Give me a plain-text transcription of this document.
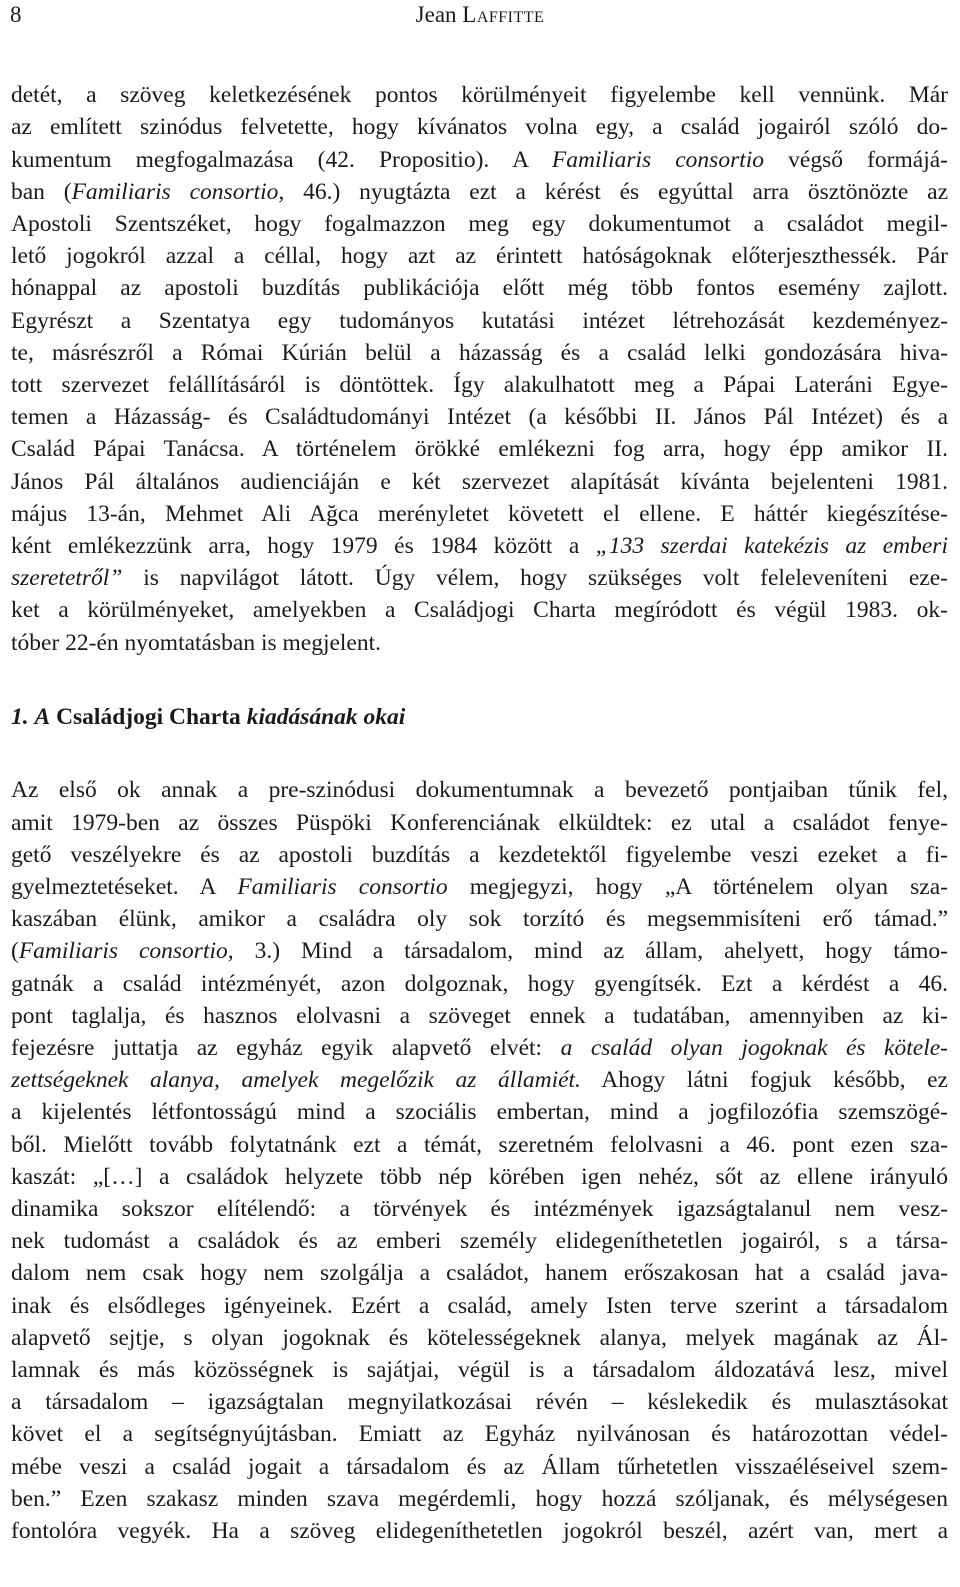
8	Jean Laffitte
detét, a szöveg keletkezésének pontos körülményeit figyelembe kell vennünk. Már
az említett szinódus felvetette, hogy kívánatos volna egy, a család jogairól szóló do-
kumentum megfogalmazása (42. Propositio). A Familiaris consortio végső formájá-
ban (Familiaris consortio, 46.) nyugtázta ezt a kérést és egyúttal arra ösztönözte az
Apostoli Szentszéket, hogy fogalmazzon meg egy dokumentumot a családot megil-
lető jogokról azzal a céllal, hogy azt az érintett hatóságoknak előterjeszthessék. Pár
hónappal az apostoli buzdítás publikációja előtt még több fontos esemény zajlott.
Egyrészt a Szentatya egy tudományos kutatási intézet létrehozását kezdeményez-
te, másrészről a Római Kúrián belül a házasság és a család lelki gondozására hiva-
tott szervezet felállításáról is döntöttek. Így alakulhatott meg a Pápai Lateráni Egye-
temen a Házasság- és Családtudományi Intézet (a későbbi II. János Pál Intézet) és a
Család Pápai Tanácsa. A történelem örökké emlékezni fog arra, hogy épp amikor II.
János Pál általános audienciáján e két szervezet alapítását kívánta bejelenteni 1981.
május 13-án, Mehmet Ali Ağca merényletet követett el ellene. E háttér kiegészítése-
ként emlékezzünk arra, hogy 1979 és 1984 között a „133 szerdai katekézis az emberi
szeretetről” is napvilágot látott. Úgy vélem, hogy szükséges volt feleleveníteni eze-
ket a körülményeket, amelyekben a Családjogi Charta megíródott és végül 1983. ok-
tóber 22-én nyomtatásban is megjelent.
1. A Családjogi Charta kiadásának okai
Az első ok annak a pre-szinódusi dokumentumnak a bevezető pontjaiban tűnik fel,
amit 1979-ben az összes Püspöki Konferenciának elküldtek: ez utal a családot fenye-
gető veszélyekre és az apostoli buzdítás a kezdetektől figyelembe veszi ezeket a fi-
gyelmeztetéseket. A Familiaris consortio megjegyzi, hogy „A történelem olyan sza-
kaszában élünk, amikor a családra oly sok torzító és megsemmisíteni erő támad.”
(Familiaris consortio, 3.) Mind a társadalom, mind az állam, ahelyett, hogy támo-
gatnák a család intézményét, azon dolgoznak, hogy gyengítsék. Ezt a kérdést a 46.
pont taglalja, és hasznos elolvasni a szöveget ennek a tudatában, amennyiben az ki-
fejezésre juttatja az egyház egyik alapvető elvét: a család olyan jogoknak és kötele-
zettségeknek alanya, amelyek megelőzik az államiét. Ahogy látni fogjuk később, ez
a kijelentés létfontosságú mind a szociális embertan, mind a jogfilozófia szemszögé-
ből. Mielőtt tovább folytatnánk ezt a témát, szeretném felolvasni a 46. pont ezen sza-
kaszát: „[…] a családok helyzete több nép körében igen nehéz, sőt az ellene irányuló
dinamika sokszor elítélendő: a törvények és intézmények igazságtalanul nem vesz-
nek tudomást a családok és az emberi személy elidegeníthetetlen jogairól, s a társa-
dalom nem csak hogy nem szolgálja a családot, hanem erőszakosan hat a család java-
inak és elsődleges igényeinek. Ezért a család, amely Isten terve szerint a társadalom
alapvető sejtje, s olyan jogoknak és kötelességeknek alanya, melyek magának az Ál-
lamnak és más közösségnek is sajátjai, végül is a társadalom áldozatává lesz, mivel
a társadalom – igazságtalan megnyilatkozásai révén – késlekedik és mulasztásokat
követ el a segítségnyújtásban. Emiatt az Egyház nyilvánosan és határozottan védel-
mébe veszi a család jogait a társadalom és az Állam tűrhetetlen visszaéléseivel szem-
ben.” Ezen szakasz minden szava megérdemli, hogy hozzá szóljanak, és mélységesen
fontolóra vegyék. Ha a szöveg elidegeníthetetlen jogokról beszél, azért van, mert a
